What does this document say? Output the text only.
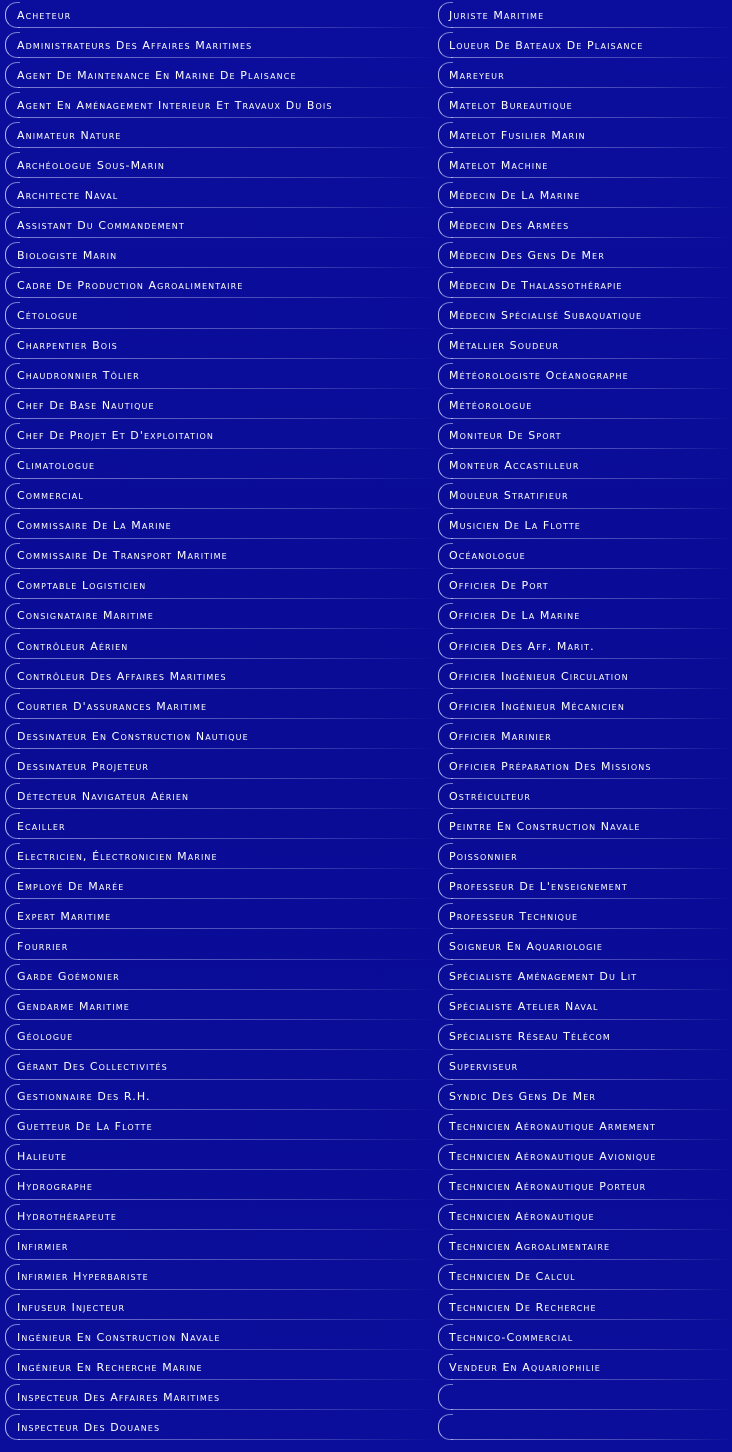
Acheteur
Administrateurs Des Affaires Maritimes
Agent De Maintenance En Marine De Plaisance
Agent En Aménagement Interieur Et Travaux Du Bois
Animateur Nature
Archéologue Sous-Marin
Architecte Naval
Assistant Du Commandement
Biologiste Marin
Cadre De Production Agroalimentaire
Cétologue
Charpentier Bois
Chaudronnier Tôlier
Chef De Base Nautique
Chef De Projet Et D'exploitation
Climatologue
Commercial
Commissaire De La Marine
Commissaire De Transport Maritime
Comptable Logisticien
Consignataire Maritime
Contrôleur Aérien
Contrôleur Des Affaires Maritimes
Courtier D'assurances Maritime
Dessinateur En Construction Nautique
Dessinateur Projeteur
Détecteur Navigateur Aérien
Ecailler
Electricien, Électronicien Marine
Employé De Marée
Expert Maritime
Fourrier
Garde Goémonier
Gendarme Maritime
Géologue
Gérant Des Collectivités
Gestionnaire Des R.H.
Guetteur De La Flotte
Halieute
Hydrographe
Hydrothérapeute
Infirmier
Infirmier Hyperbariste
Infuseur Injecteur
Ingénieur En Construction Navale
Ingénieur En Recherche Marine
Inspecteur Des Affaires Maritimes
Inspecteur Des Douanes
Juriste Maritime
Loueur De Bateaux De Plaisance
Mareyeur
Matelot Bureautique
Matelot Fusilier Marin
Matelot Machine
Médecin De La Marine
Médecin Des Armées
Médecin Des Gens De Mer
Médecin De Thalassothérapie
Médecin Spécialisé Subaquatique
Métallier Soudeur
Météorologiste Océanographe
Météorologue
Moniteur De Sport
Monteur Accastilleur
Mouleur Stratifieur
Musicien De La Flotte
Océanologue
Officier De Port
Officier De La Marine
Officier Des Aff. Marit.
Officier Ingénieur Circulation
Officier Ingénieur Mécanicien
Officier Marinier
Officier Préparation Des Missions
Ostréiculteur
Peintre En Construction Navale
Poissonnier
Professeur De L'enseignement
Professeur Technique
Soigneur En Aquariologie
Spécialiste Aménagement Du Lit
Spécialiste Atelier Naval
Spécialiste Réseau Télécom
Superviseur
Syndic Des Gens De Mer
Technicien Aéronautique Armement
Technicien Aéronautique Avionique
Technicien Aéronautique Porteur
Technicien Aéronautique
Technicien Agroalimentaire
Technicien De Calcul
Technicien De Recherche
Technico-Commercial
Vendeur En Aquariophilie
